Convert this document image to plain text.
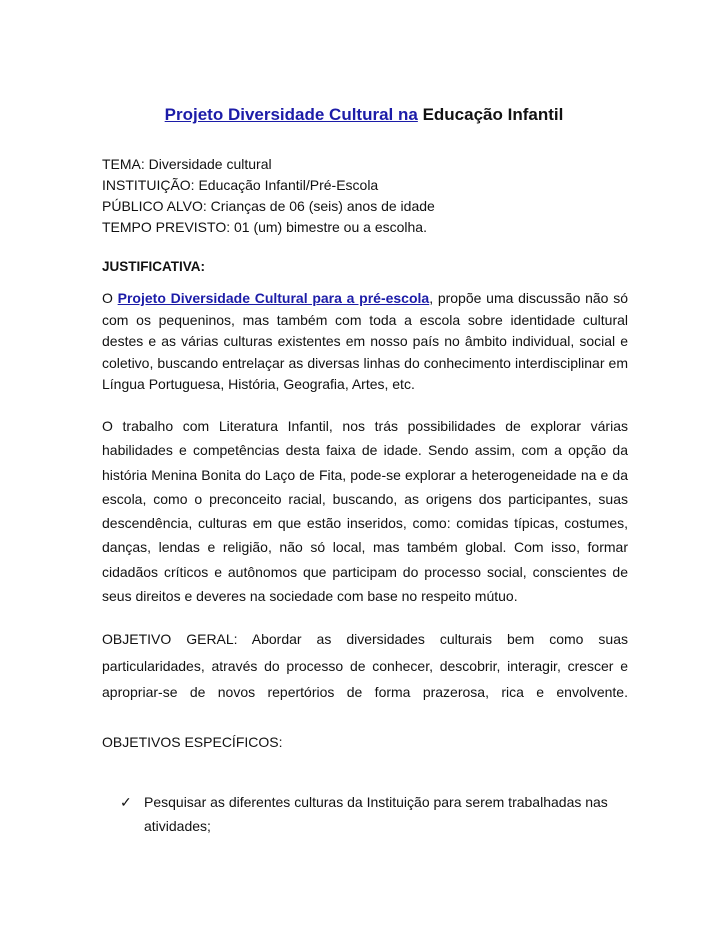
Projeto Diversidade Cultural na Educação Infantil
TEMA: Diversidade cultural
INSTITUIÇÃO: Educação Infantil/Pré-Escola
PÚBLICO ALVO: Crianças de 06 (seis) anos de idade
TEMPO PREVISTO: 01 (um) bimestre ou a escolha.
JUSTIFICATIVA:
O Projeto Diversidade Cultural para a pré-escola, propõe uma discussão não só com os pequeninos, mas também com toda a escola sobre identidade cultural destes e as várias culturas existentes em nosso país no âmbito individual, social e coletivo, buscando entrelaçar as diversas linhas do conhecimento interdisciplinar em Língua Portuguesa, História, Geografia, Artes, etc.
O trabalho com Literatura Infantil, nos trás possibilidades de explorar várias habilidades e competências desta faixa de idade. Sendo assim, com a opção da história Menina Bonita do Laço de Fita, pode-se explorar a heterogeneidade na e da escola, como o preconceito racial, buscando, as origens dos participantes, suas descendência, culturas em que estão inseridos, como: comidas típicas, costumes, danças, lendas e religião, não só local, mas também global. Com isso, formar cidadãos críticos e autônomos que participam do processo social, conscientes de seus direitos e deveres na sociedade com base no respeito mútuo.
OBJETIVO GERAL: Abordar as diversidades culturais bem como suas particularidades, através do processo de conhecer, descobrir, interagir, crescer e apropriar-se de novos repertórios de forma prazerosa, rica e envolvente.
OBJETIVOS ESPECÍFICOS:
✓ Pesquisar as diferentes culturas da Instituição para serem trabalhadas nas atividades;
